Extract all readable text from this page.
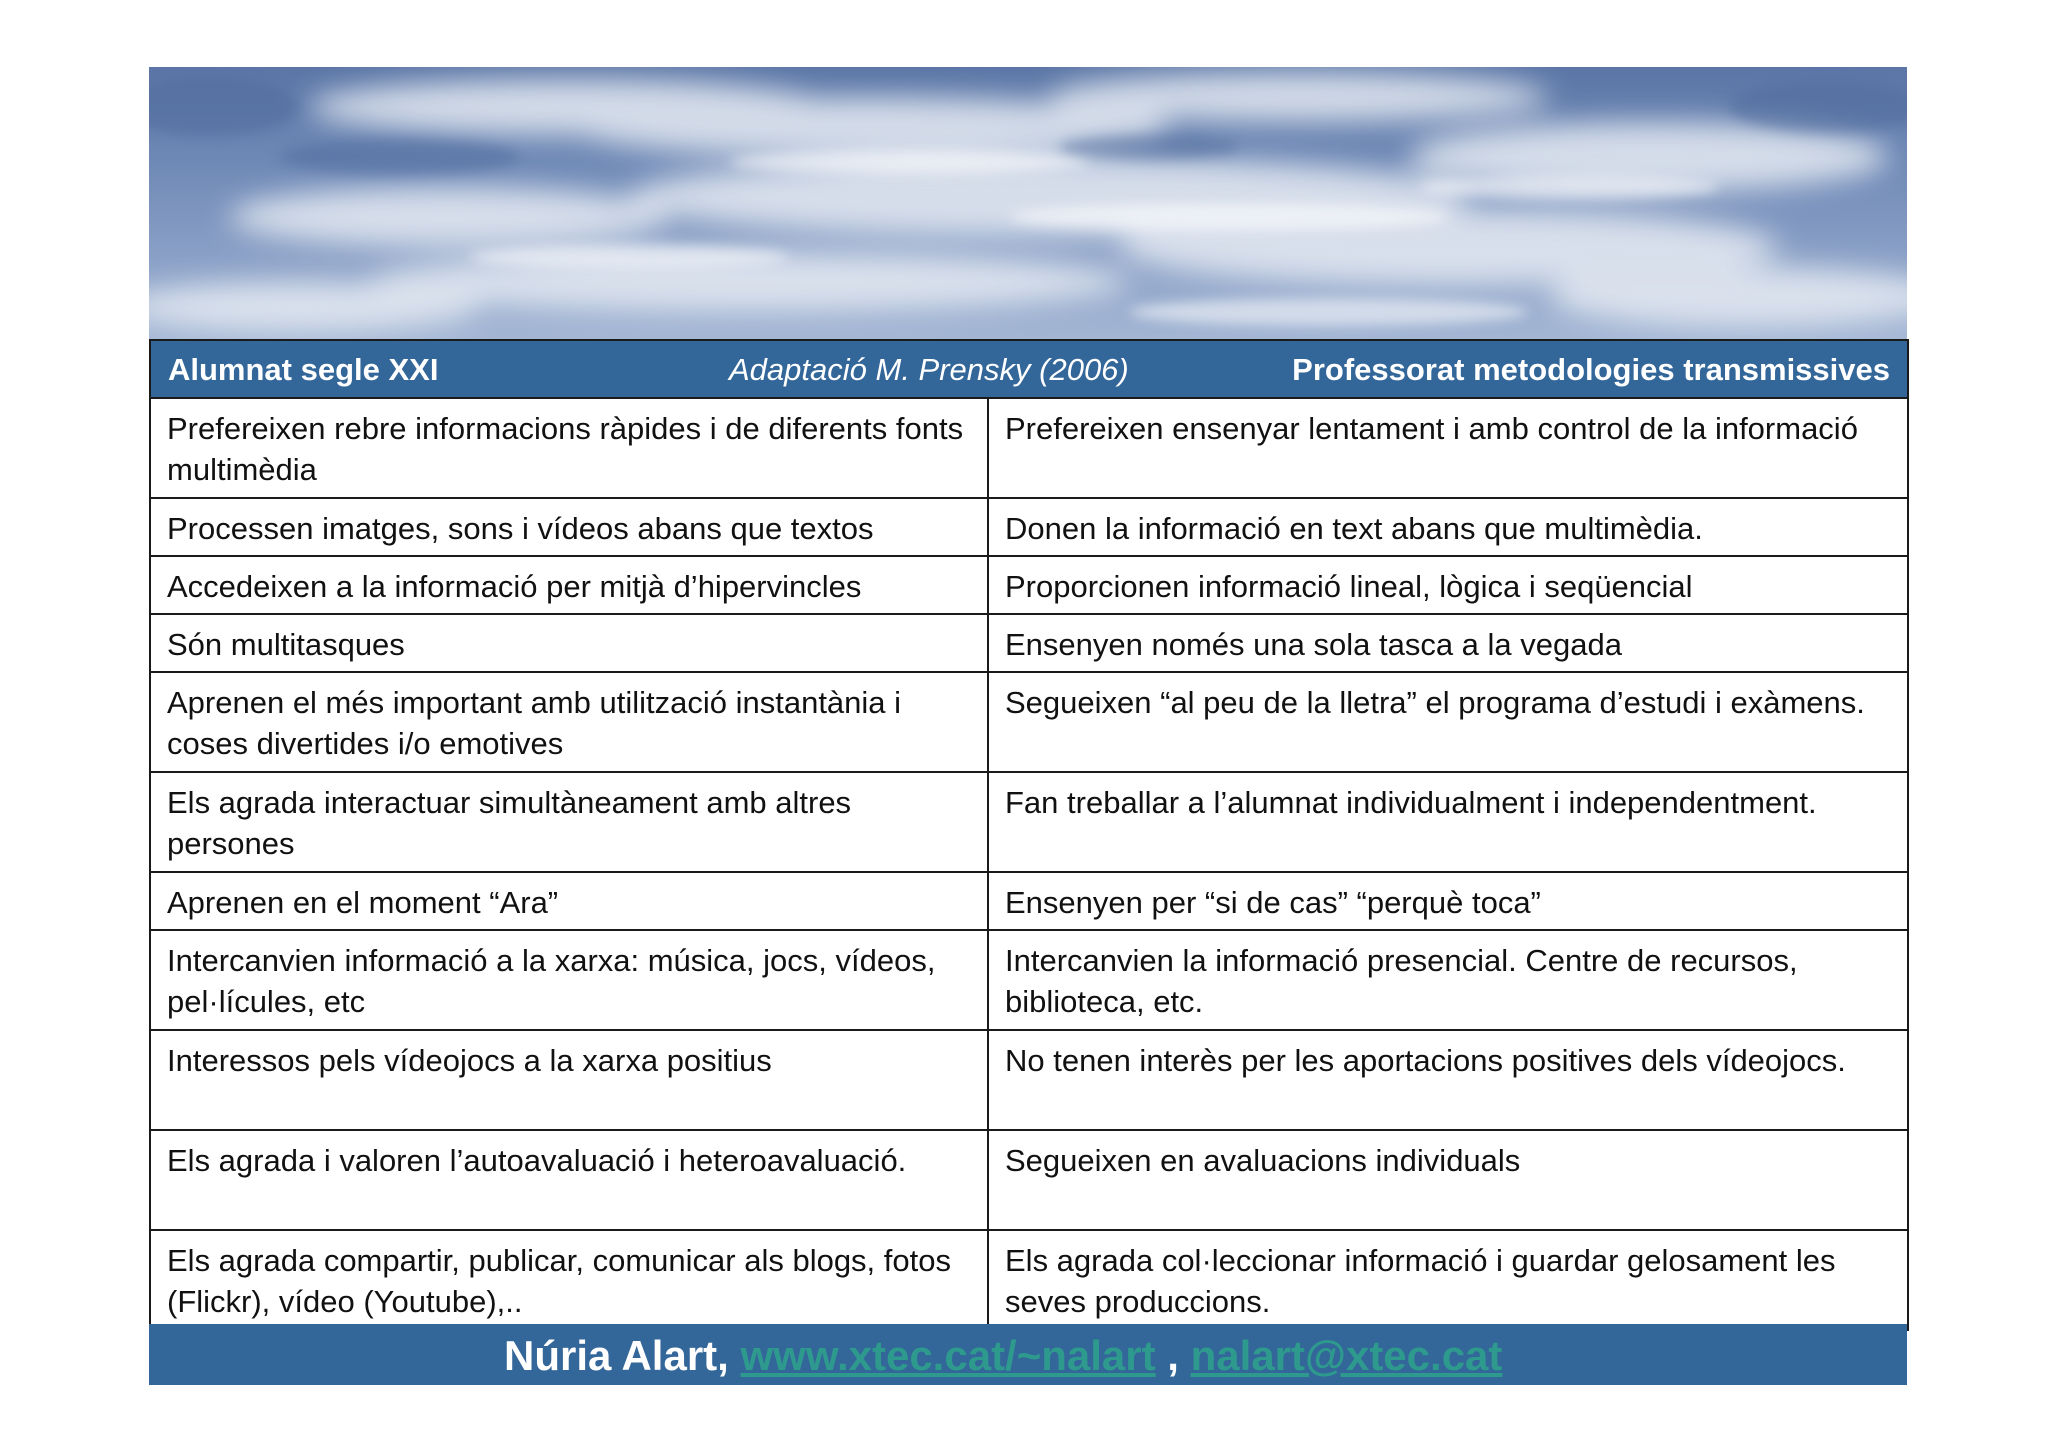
Alumnat segle XXI Adaptació M. Prensky (2006) Professorat metodologies transmissives	

Prefereixen rebre informacions ràpides i de diferents fonts multimèdia	Prefereixen ensenyar lentament i amb control de la informació
Processen imatges, sons i vídeos abans que textos	Donen la informació en text abans que multimèdia.
Accedeixen a la informació per mitjà d’hipervincles	Proporcionen informació lineal, lògica i seqüencial
Són multitasques	Ensenyen només una sola tasca a la vegada
Aprenen el més important amb utilització instantània i coses divertides i/o emotives	Segueixen “al peu de la lletra” el programa d’estudi i exàmens.
Els agrada interactuar simultàneament amb altres persones	Fan treballar a l’alumnat individualment i independentment.
Aprenen en el moment “Ara”	Ensenyen per “si de cas” “perquè toca”
Intercanvien informació a la xarxa: música, jocs, vídeos, pel·lícules, etc	Intercanvien la informació presencial. Centre de recursos, biblioteca, etc.
Interessos pels vídeojocs a la xarxa positius	No tenen interès per les aportacions positives dels vídeojocs.
Els agrada i valoren l’autoavaluació i heteroavaluació.	Segueixen en avaluacions individuals
Els agrada compartir, publicar, comunicar als blogs, fotos (Flickr), vídeo (Youtube),..	Els agrada col·leccionar informació i guardar gelosament les seves produccions.
Núria Alart, www.xtec.cat/~nalart , nalart@xtec.cat
